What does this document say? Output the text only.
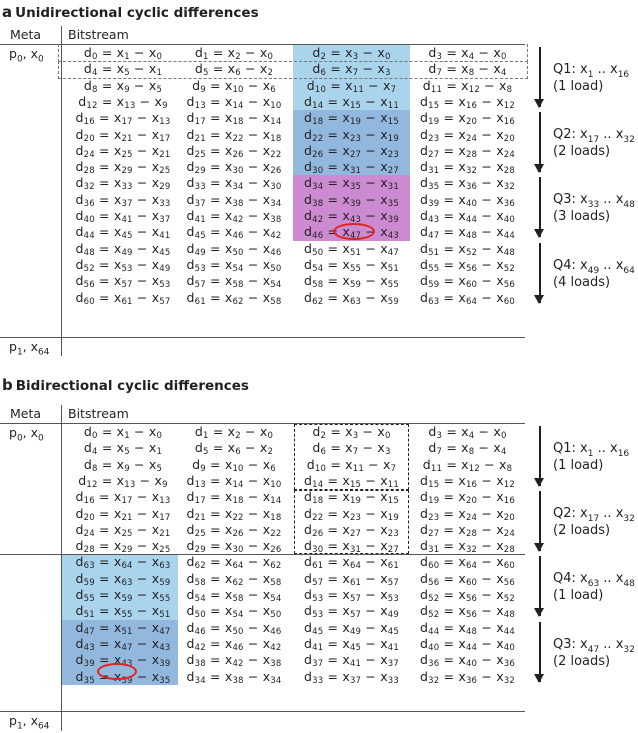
a Unidirectional cyclic differences
Meta Bitstream
$p_0$, $x_0$	$d_0 = x_1 - x_0$	$d_1 = x_2 - x_0$	$d_2 = x_3 - x_0$	$d_3 = x_4 - x_0$
$d_4 = x_5 - x_1$	$d_5 = x_6 - x_2$	$d_6 = x_7 - x_3$	$d_7 = x_8 - x_4$
$d_8 = x_9 - x_5$	$d_9 = x_{10} - x_6$	$d_{10} = x_{11} - x_7$	$d_{11} = x_{12} - x_8$
$d_{12} = x_{13} - x_9$	$d_{13} = x_{14} - x_{10}$	$d_{14} = x_{15} - x_{11}$	$d_{15} = x_{16} - x_{12}$
$d_{16} = x_{17} - x_{13}$	$d_{17} = x_{18} - x_{14}$	$d_{18} = x_{19} - x_{15}$	$d_{19} = x_{20} - x_{16}$
$d_{20} = x_{21} - x_{17}$	$d_{21} = x_{22} - x_{18}$	$d_{22} = x_{23} - x_{19}$	$d_{23} = x_{24} - x_{20}$
$d_{24} = x_{25} - x_{21}$	$d_{25} = x_{26} - x_{22}$	$d_{26} = x_{27} - x_{23}$	$d_{27} = x_{28} - x_{24}$
$d_{28} = x_{29} - x_{25}$	$d_{29} = x_{30} - x_{26}$	$d_{30} = x_{31} - x_{27}$	$d_{31} = x_{32} - x_{28}$
$d_{32} = x_{33} - x_{29}$	$d_{33} = x_{34} - x_{30}$	$d_{34} = x_{35} - x_{31}$	$d_{35} = x_{36} - x_{32}$
$d_{36} = x_{37} - x_{33}$	$d_{37} = x_{38} - x_{34}$	$d_{38} = x_{39} - x_{35}$	$d_{39} = x_{40} - x_{36}$
$d_{40} = x_{41} - x_{37}$	$d_{41} = x_{42} - x_{38}$	$d_{42} = x_{43} - x_{39}$	$d_{43} = x_{44} - x_{40}$
$d_{44} = x_{45} - x_{41}$	$d_{45} = x_{46} - x_{42}$	$d_{46} = x_{47} - x_{43}$	$d_{47} = x_{48} - x_{44}$
$d_{48} = x_{49} - x_{45}$	$d_{49} = x_{50} - x_{46}$	$d_{50} = x_{51} - x_{47}$	$d_{51} = x_{52} - x_{48}$
$d_{52} = x_{53} - x_{49}$	$d_{53} = x_{54} - x_{50}$	$d_{54} = x_{55} - x_{51}$	$d_{55} = x_{56} - x_{52}$
$d_{56} = x_{57} - x_{53}$	$d_{57} = x_{58} - x_{54}$	$d_{58} = x_{59} - x_{55}$	$d_{59} = x_{60} - x_{56}$
$d_{60} = x_{61} - x_{57}$	$d_{61} = x_{62} - x_{58}$	$d_{62} = x_{63} - x_{59}$	$d_{63} = x_{64} - x_{60}$
$p_1$, $x_{64}$
Q1: $x_1$ .. $x_{16}$
(1 load)
Q2: $x_{17}$ .. $x_{32}$
(2 loads)
Q3: $x_{33}$ .. $x_{48}$
(3 loads)
Q4: $x_{49}$ .. $x_{64}$
(4 loads)
b Bidirectional cyclic differences
Meta Bitstream
$p_0$, $x_0$	$d_0 = x_1 - x_0$	$d_1 = x_2 - x_0$	$d_2 = x_3 - x_0$	$d_3 = x_4 - x_0$
$d_4 = x_5 - x_1$	$d_5 = x_6 - x_2$	$d_6 = x_7 - x_3$	$d_7 = x_8 - x_4$
$d_8 = x_9 - x_5$	$d_9 = x_{10} - x_6$	$d_{10} = x_{11} - x_7$	$d_{11} = x_{12} - x_8$
$d_{12} = x_{13} - x_9$	$d_{13} = x_{14} - x_{10}$	$d_{14} = x_{15} - x_{11}$	$d_{15} = x_{16} - x_{12}$
$d_{16} = x_{17} - x_{13}$	$d_{17} = x_{18} - x_{14}$	$d_{18} = x_{19} - x_{15}$	$d_{19} = x_{20} - x_{16}$
$d_{20} = x_{21} - x_{17}$	$d_{21} = x_{22} - x_{18}$	$d_{22} = x_{23} - x_{19}$	$d_{23} = x_{24} - x_{20}$
$d_{24} = x_{25} - x_{21}$	$d_{25} = x_{26} - x_{22}$	$d_{26} = x_{27} - x_{23}$	$d_{27} = x_{28} - x_{24}$
$d_{28} = x_{29} - x_{25}$	$d_{29} = x_{30} - x_{26}$	$d_{30} = x_{31} - x_{27}$	$d_{31} = x_{32} - x_{28}$
$d_{63} = x_{64} - x_{63}$	$d_{62} = x_{64} - x_{62}$	$d_{61} = x_{64} - x_{61}$	$d_{60} = x_{64} - x_{60}$
$d_{59} = x_{63} - x_{59}$	$d_{58} = x_{62} - x_{58}$	$d_{57} = x_{61} - x_{57}$	$d_{56} = x_{60} - x_{56}$
$d_{55} = x_{59} - x_{55}$	$d_{54} = x_{58} - x_{54}$	$d_{53} = x_{57} - x_{53}$	$d_{52} = x_{56} - x_{52}$
$d_{51} = x_{55} - x_{51}$	$d_{50} = x_{54} - x_{50}$	$d_{53} = x_{57} - x_{49}$	$d_{52} = x_{56} - x_{48}$
$d_{47} = x_{51} - x_{47}$	$d_{46} = x_{50} - x_{46}$	$d_{45} = x_{49} - x_{45}$	$d_{44} = x_{48} - x_{44}$
$d_{43} = x_{47} - x_{43}$	$d_{42} = x_{46} - x_{42}$	$d_{41} = x_{45} - x_{41}$	$d_{40} = x_{44} - x_{40}$
$d_{39} = x_{43} - x_{39}$	$d_{38} = x_{42} - x_{38}$	$d_{37} = x_{41} - x_{37}$	$d_{36} = x_{40} - x_{36}$
$d_{35} = x_{39} - x_{35}$	$d_{34} = x_{38} - x_{34}$	$d_{33} = x_{37} - x_{33}$	$d_{32} = x_{36} - x_{32}$
$p_1$, $x_{64}$
Q1: $x_1$ .. $x_{16}$
(1 load)
Q2: $x_{17}$ .. $x_{32}$
(2 loads)
Q4: $x_{63}$ .. $x_{48}$
(1 load)
Q3: $x_{47}$ .. $x_{32}$
(2 loads)
